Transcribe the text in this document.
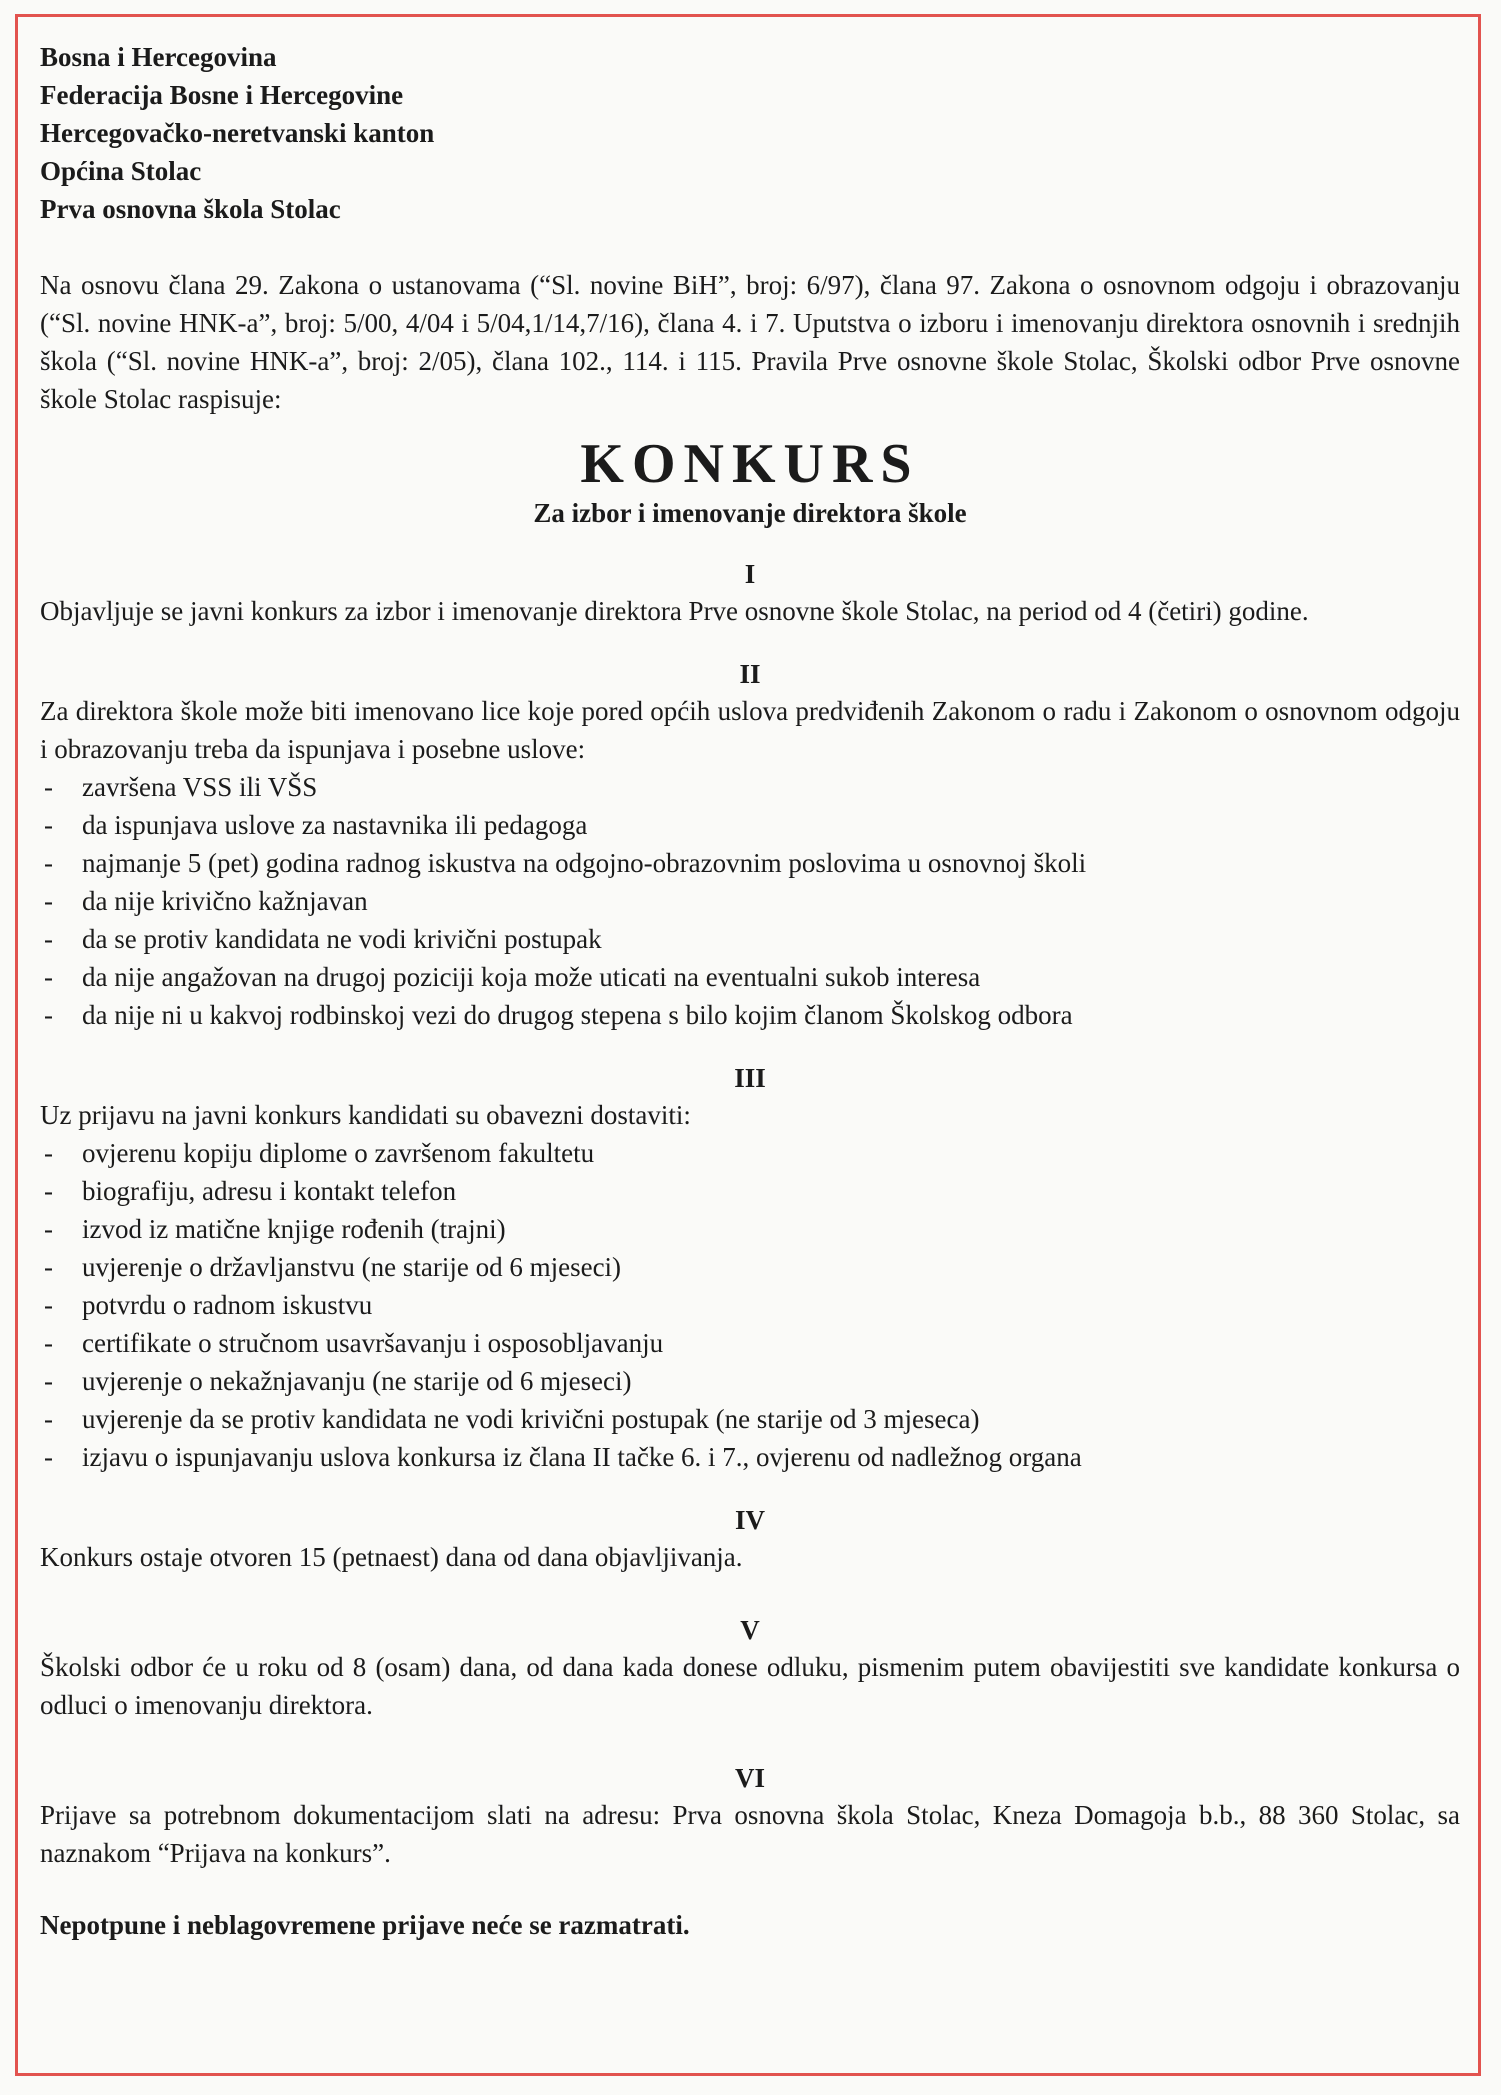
Bosna i Hercegovina

Federacija Bosne i Hercegovine

Hercegovačko-neretvanski kanton

Općina Stolac

Prva osnovna škola Stolac

Na osnovu člana 29. Zakona o ustanovama (“Sl. novine BiH”, broj: 6/97), člana 97. Zakona o osnovnom odgoju i obrazovanju (“Sl. novine HNK-a”, broj: 5/00, 4/04 i 5/04,1/14,7/16), člana 4. i 7. Uputstva o izboru i imenovanju direktora osnovnih i srednjih škola (“Sl. novine HNK-a”, broj: 2/05), člana 102., 114. i 115. Pravila Prve osnovne škole Stolac, Školski odbor Prve osnovne škole Stolac raspisuje:

KONKURS

Za izbor i imenovanje direktora škole

I

Objavljuje se javni konkurs za izbor i imenovanje direktora Prve osnovne škole Stolac, na period od 4 (četiri) godine.

II

Za direktora škole može biti imenovano lice koje pored općih uslova predviđenih Zakonom o radu i Zakonom o osnovnom odgoju i obrazovanju treba da ispunjava i posebne uslove:

- završena VSS ili VŠS
- da ispunjava uslove za nastavnika ili pedagoga
- najmanje 5 (pet) godina radnog iskustva na odgojno-obrazovnim poslovima u osnovnoj školi
- da nije krivično kažnjavan
- da se protiv kandidata ne vodi krivični postupak
- da nije angažovan na drugoj poziciji koja može uticati na eventualni sukob interesa
- da nije ni u kakvoj rodbinskoj vezi do drugog stepena s bilo kojim članom Školskog odbora

III

Uz prijavu na javni konkurs kandidati su obavezni dostaviti:

- ovjerenu kopiju diplome o završenom fakultetu
- biografiju, adresu i kontakt telefon
- izvod iz matične knjige rođenih (trajni)
- uvjerenje o državljanstvu (ne starije od 6 mjeseci)
- potvrdu o radnom iskustvu
- certifikate o stručnom usavršavanju i osposobljavanju
- uvjerenje o nekažnjavanju (ne starije od 6 mjeseci)
- uvjerenje da se protiv kandidata ne vodi krivični postupak (ne starije od 3 mjeseca)
- izjavu o ispunjavanju uslova konkursa iz člana II tačke 6. i 7., ovjerenu od nadležnog organa

IV

Konkurs ostaje otvoren 15 (petnaest) dana od dana objavljivanja.

V

Školski odbor će u roku od 8 (osam) dana, od dana kada donese odluku, pismenim putem obavijestiti sve kandidate konkursa o odluci o imenovanju direktora.

VI

Prijave sa potrebnom dokumentacijom slati na adresu: Prva osnovna škola Stolac, Kneza Domagoja b.b., 88 360 Stolac, sa naznakom “Prijava na konkurs”.

Nepotpune i neblagovremene prijave neće se razmatrati.
